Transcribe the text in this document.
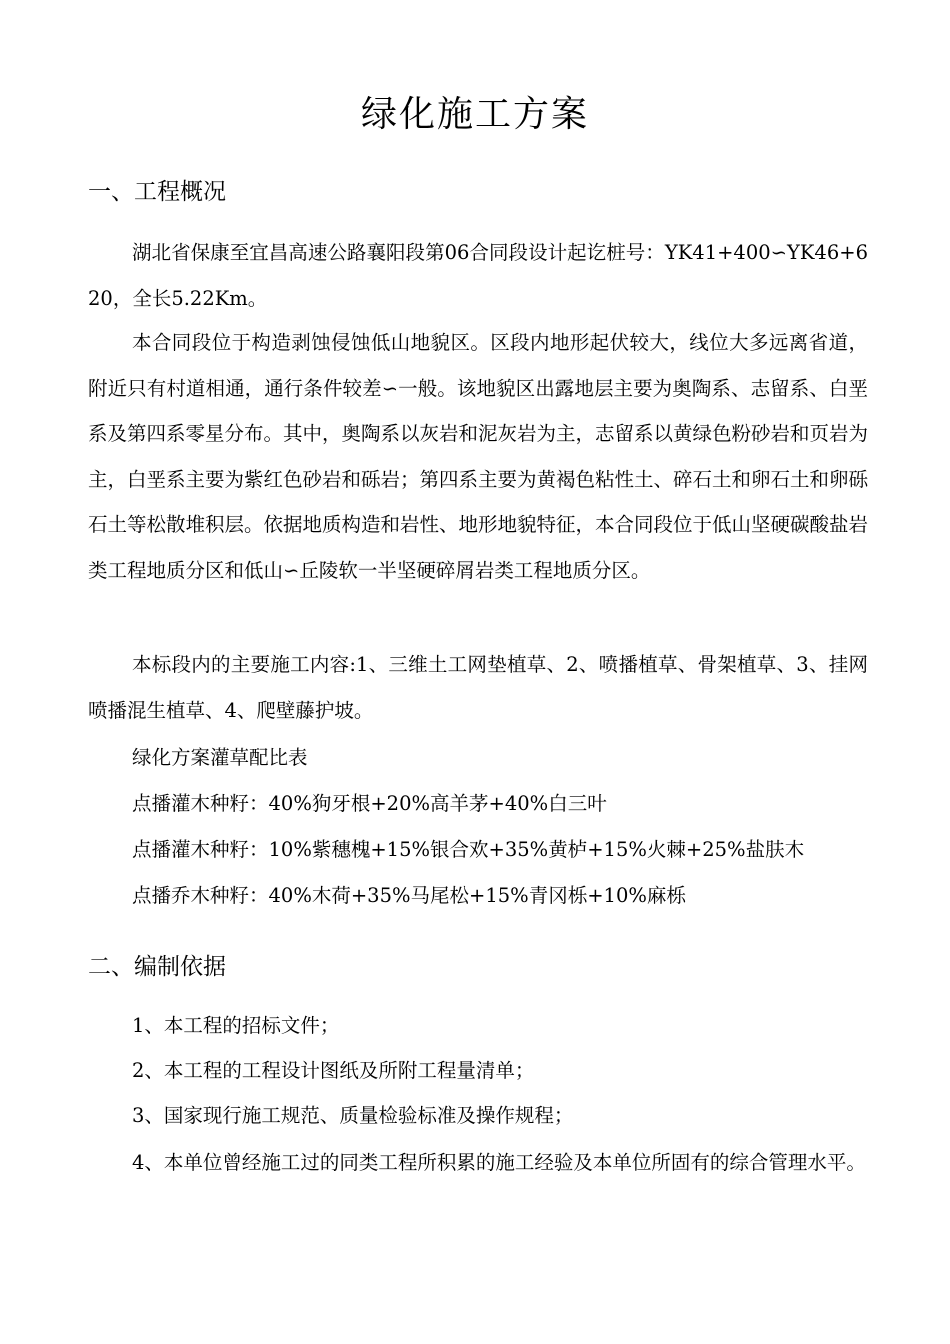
绿化施工方案
一、工程概况

湖北省保康至宜昌高速公路襄阳段第06合同段设计起讫桩号：YK41+400∽YK46+620，全长5.22Km。

本合同段位于构造剥蚀侵蚀低山地貌区。区段内地形起伏较大，线位大多远离省道，附近只有村道相通，通行条件较差∽一般。该地貌区出露地层主要为奥陶系、志留系、白垩系及第四系零星分布。其中，奥陶系以灰岩和泥灰岩为主，志留系以黄绿色粉砂岩和页岩为主，白垩系主要为紫红色砂岩和砾岩；第四系主要为黄褐色粘性土、碎石土和卵石土和卵砾石土等松散堆积层。依据地质构造和岩性、地形地貌特征，本合同段位于低山坚硬碳酸盐岩类工程地质分区和低山∽丘陵软一半坚硬碎屑岩类工程地质分区。

本标段内的主要施工内容:1、三维土工网垫植草、2、喷播植草、骨架植草、3、挂网喷播混生植草、4、爬壁藤护坡。

绿化方案灌草配比表

点播灌木种籽：40%狗牙根+20%高羊茅+40%白三叶

点播灌木种籽：10%紫穗槐+15%银合欢+35%黄栌+15%火棘+25%盐肤木

点播乔木种籽：40%木荷+35%马尾松+15%青冈栎+10%麻栎

二、编制依据

1、本工程的招标文件；

2、本工程的工程设计图纸及所附工程量清单；

3、国家现行施工规范、质量检验标准及操作规程；

4、本单位曾经施工过的同类工程所积累的施工经验及本单位所固有的综合管理水平。
